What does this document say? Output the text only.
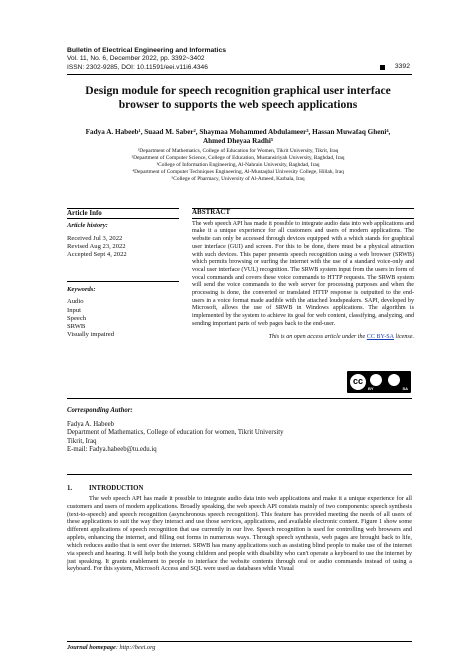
Bulletin of Electrical Engineering and Informatics
Vol. 11, No. 6, December 2022, pp. 3392~3402
ISSN: 2302-9285, DOI: 10.11591/eei.v11i6.4346	3392
Design module for speech recognition graphical user interface
browser to supports the web speech applications
Fadya A. Habeeb¹, Suaad M. Saber², Shaymaa Mohammed Abdulameer³, Hassan Muwafaq Gheni⁴,
Ahmed Dheyaa Radhi⁵
¹Department of Mathematics, College of Education for Women, Tikrit University, Tikrit, Iraq
²Department of Computer Science, College of Education, Mustansiriyah University, Baghdad, Iraq
³College of Information Engineering, Al-Nahrain University, Baghdad, Iraq
⁴Department of Computer Techniques Engineering, Al-Mustaqbal University College, Hillah, Iraq
⁵College of Pharmacy, University of Al-Ameed, Karbala, Iraq
Article Info
Article history:
Received Jul 3, 2022
Revised Aug 23, 2022
Accepted Sept 4, 2022
Keywords:
Audio
Input
Speech
SRWB
Visually impaired
ABSTRACT
The web speech API has made it possible to integrate audio data into web applications and make it a unique experience for all customers and users of modern applications. The website can only be accessed through devices equipped with a which stands for graphical user interface (GUI) and screen. For this to be done, there must be a physical attraction with such devices. This paper presents speech recognition using a web browser (SRWB) which permits browsing or surfing the internet with the use of a standard voice-only and vocal user interface (VUL) recognition. The SRWB system input from the users in form of vocal commands and covers these voice commands to HTTP requests. The SRWB system will send the voice commands to the web server for processing purposes and when the processing is done, the converted or translated HTTP response is outputted to the end-users in a voice format made audible with the attached loudspeakers. SAPI, developed by Microsoft, allows the use of SRWB in Windows applications. The algorithm is implemented by the system to achieve its goal for web content, classifying, analyzing, and sending important parts of web pages back to the end-user.
This is an open access article under the CC BY-SA license.
cc
BY	SA
Corresponding Author:
Fadya A. Habeeb
Department of Mathematics, College of education for women, Tikrit University
Tikrit, Iraq
E-mail: Fadya.habeeb@tu.edu.iq
1. INTRODUCTION

The web speech API has made it possible to integrate audio data into web applications and make it a unique experience for all customers and users of modern applications. Broadly speaking, the web speech API consists mainly of two components: speech synthesis (text-to-speech) and speech recognition (asynchronous speech recognition). This feature has provided meeting the needs of all users of these applications to suit the way they interact and use those services, applications, and available electronic content. Figure 1 show some different applications of speech recognition that use currently in our live. Speech recognition is used for controlling web browsers and applets, enhancing the internet, and filling out forms in numerous ways. Through speech synthesis, web pages are brought back to life, which reduces audio that is sent over the internet. SRWB has many applications such as assisting blind people to make use of the internet via speech and hearing. It will help both the young children and people with disability who can't operate a keyboard to use the internet by just speaking. It grants enablement to people to interface the website contents through oral or audio commands instead of using a keyboard. For this system, Microsoft Access and SQL were used as databases while Visual

Journal homepage: http://beei.org
